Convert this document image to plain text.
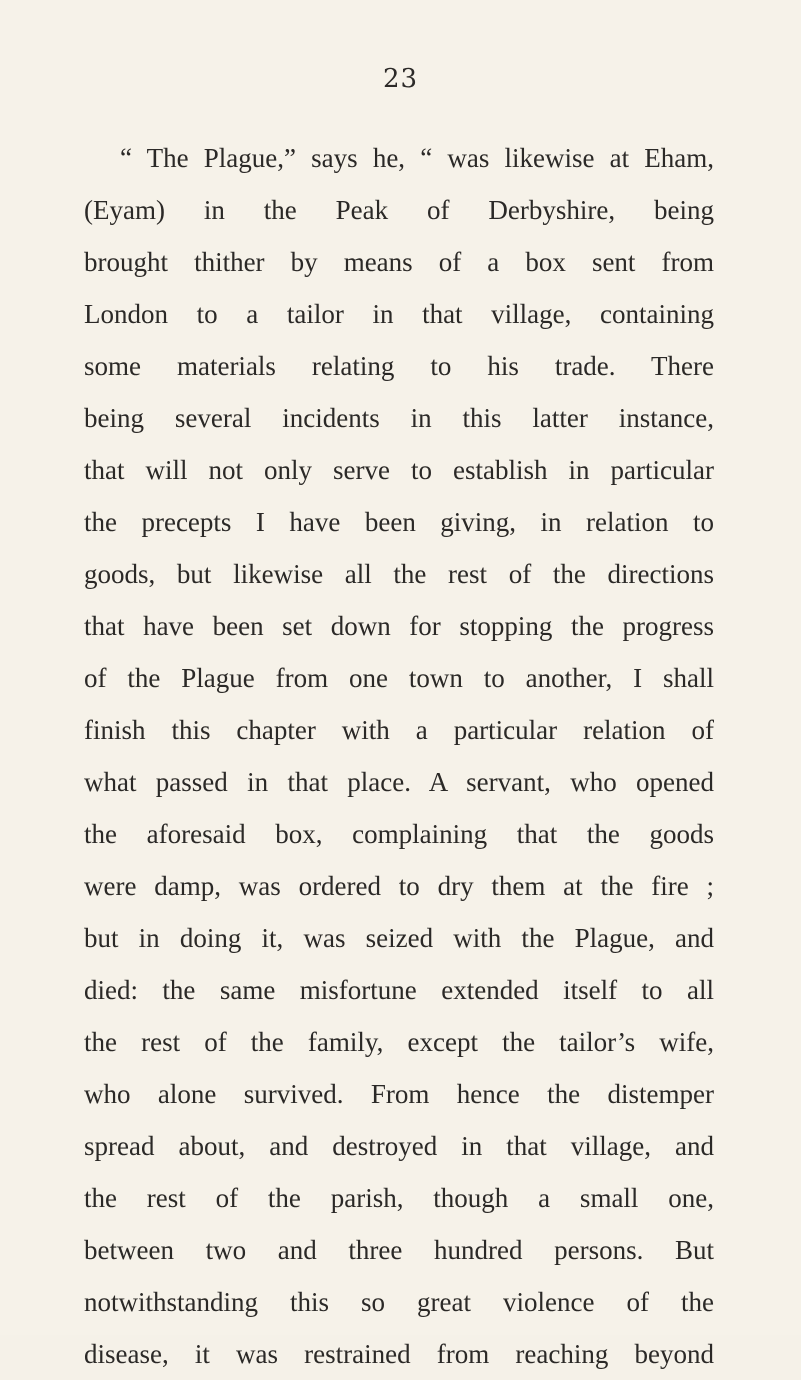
23
“ The Plague,” says he, “ was likewise at Eham,
(Eyam) in the Peak of Derbyshire, being
brought thither by means of a box sent from
London to a tailor in that village, containing
some materials relating to his trade. There
being several incidents in this latter instance,
that will not only serve to establish in particular
the precepts I have been giving, in relation to
goods, but likewise all the rest of the directions
that have been set down for stopping the progress
of the Plague from one town to another, I shall
finish this chapter with a particular relation of
what passed in that place. A servant, who opened
the aforesaid box, complaining that the goods
were damp, was ordered to dry them at the fire ;
but in doing it, was seized with the Plague, and
died: the same misfortune extended itself to all
the rest of the family, except the tailor’s wife,
who alone survived. From hence the distemper
spread about, and destroyed in that village, and
the rest of the parish, though a small one,
between two and three hundred persons. But
notwithstanding this so great violence of the
disease, it was restrained from reaching beyond
